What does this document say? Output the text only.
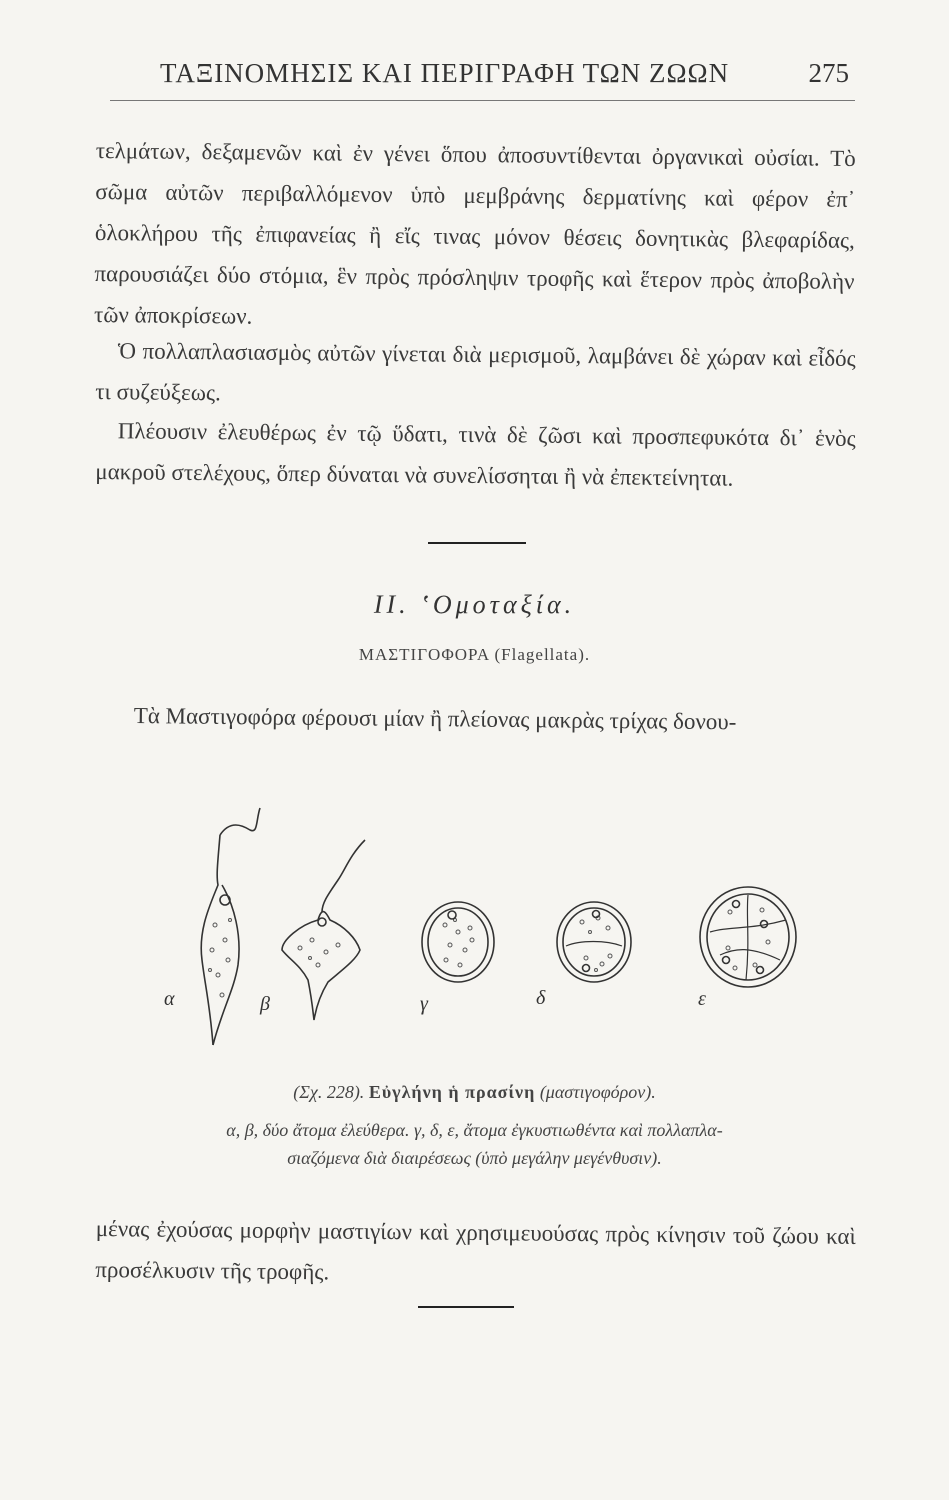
ΤΑΞΙΝΟΜΗΣΙΣ ΚΑΙ ΠΕΡΙΓΡΑΦΗ ΤΩΝ ΖΩΩΝ	275

τελμάτων, δεξαμενῶν καὶ ἐν γένει ὅπου ἀποσυντίθενται ὀργανικαὶ οὐσίαι. Τὸ σῶμα αὐτῶν περιβαλλόμενον ὑπὸ μεμβράνης δερματίνης καὶ φέρον ἐπ᾽ ὁλοκλήρου τῆς ἐπιφανείας ἢ εἴς τινας μόνον θέσεις δονητικὰς βλεφαρίδας, παρουσιάζει δύο στόμια, ἓν πρὸς πρόσληψιν τροφῆς καὶ ἕτερον πρὸς ἀποβολὴν τῶν ἀποκρίσεων.

Ὁ πολλαπλασιασμὸς αὐτῶν γίνεται διὰ μερισμοῦ, λαμβάνει δὲ χώραν καὶ εἶδός τι συζεύξεως.

Πλέουσιν ἐλευθέρως ἐν τῷ ὕδατι, τινὰ δὲ ζῶσι καὶ προσπεφυκότα δι᾽ ἑνὸς μακροῦ στελέχους, ὅπερ δύναται νὰ συνελίσσηται ἢ νὰ ἐπεκτείνηται.

ΙΙ. ʽΟμοταξία.
ΜΑΣΤΙΓΟΦΟΡΑ (Flagellata).

Τὰ Μαστιγοφόρα φέρουσι μίαν ἢ πλείονας μακρὰς τρίχας δονου-

α	β	γ	δ	ε
(Σχ. 228). Εὐγλήνη ἡ πρασίνη (μαστιγοφόρον).
α, β, δύο ἄτομα ἐλεύθερα. γ, δ, ε, ἄτομα ἐγκυστιωθέντα καὶ πολλαπλα-
σιαζόμενα διὰ διαιρέσεως (ὑπὸ μεγάλην μεγένθυσιν).

μένας ἐχούσας μορφὴν μαστιγίων καὶ χρησιμευούσας πρὸς κίνησιν τοῦ ζώου καὶ προσέλκυσιν τῆς τροφῆς.
